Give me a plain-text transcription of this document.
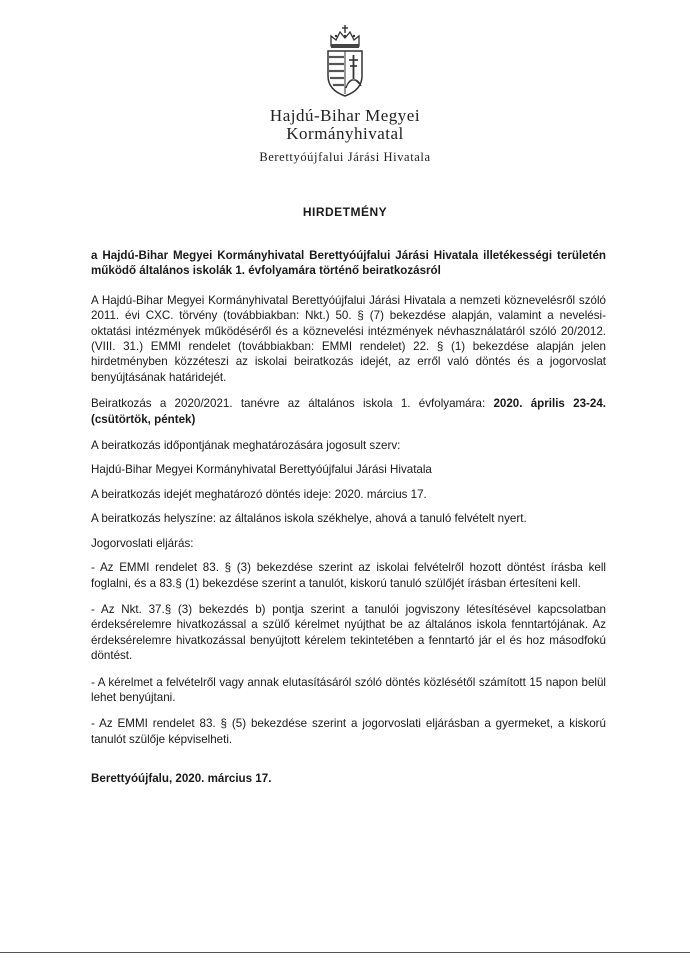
Hajdú-Bihar Megyei
Kormányhivatal
Berettyóújfalui Járási Hivatala
HIRDETMÉNY

a Hajdú-Bihar Megyei Kormányhivatal Berettyóújfalui Járási Hivatala illetékességi területén működő általános iskolák 1. évfolyamára történő beiratkozásról

A Hajdú-Bihar Megyei Kormányhivatal Berettyóújfalui Járási Hivatala a nemzeti köznevelésről szóló 2011. évi CXC. törvény (továbbiakban: Nkt.) 50. § (7) bekezdése alapján, valamint a nevelési-oktatási intézmények működéséről és a köznevelési intézmények névhasználatáról szóló 20/2012. (VIII. 31.) EMMI rendelet (továbbiakban: EMMI rendelet) 22. § (1) bekezdése alapján jelen hirdetményben közzéteszi az iskolai beiratkozás idejét, az erről való döntés és a jogorvoslat benyújtásának határidejét.

Beiratkozás a 2020/2021. tanévre az általános iskola 1. évfolyamára: 2020. április 23-24. (csütörtök, péntek)

A beiratkozás időpontjának meghatározására jogosult szerv:

Hajdú-Bihar Megyei Kormányhivatal Berettyóújfalui Járási Hivatala

A beiratkozás idejét meghatározó döntés ideje: 2020. március 17.

A beiratkozás helyszíne: az általános iskola székhelye, ahová a tanuló felvételt nyert.

Jogorvoslati eljárás:

- Az EMMI rendelet 83. § (3) bekezdése szerint az iskolai felvételről hozott döntést írásba kell foglalni, és a 83.§ (1) bekezdése szerint a tanulót, kiskorú tanuló szülőjét írásban értesíteni kell.

- Az Nkt. 37.§ (3) bekezdés b) pontja szerint a tanulói jogviszony létesítésével kapcsolatban érdeksérelemre hivatkozással a szülő kérelmet nyújthat be az általános iskola fenntartójának. Az érdeksérelemre hivatkozással benyújtott kérelem tekintetében a fenntartó jár el és hoz másodfokú döntést.

- A kérelmet a felvételről vagy annak elutasításáról szóló döntés közlésétől számított 15 napon belül lehet benyújtani.

- Az EMMI rendelet 83. § (5) bekezdése szerint a jogorvoslati eljárásban a gyermeket, a kiskorú tanulót szülője képviselheti.

Berettyóújfalu, 2020. március 17.
